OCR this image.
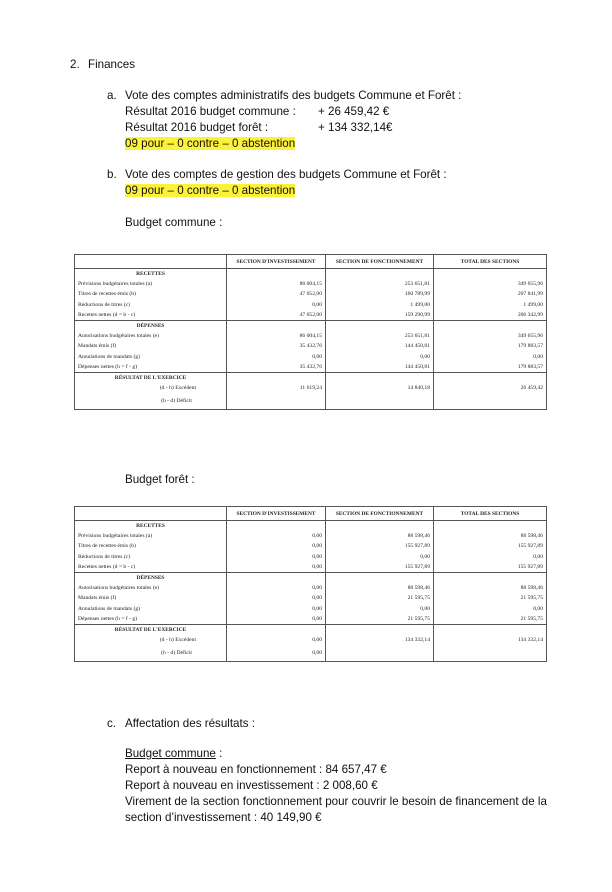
2. Finances
a. Vote des comptes administratifs des budgets Commune et Forêt :
Résultat 2016 budget commune : + 26 459,42 €
Résultat 2016 budget forêt :	+ 134 332,14€
09 pour – 0 contre – 0 abstention
b. Vote des comptes de gestion des budgets Commune et Forêt :
09 pour – 0 contre – 0 abstention
Budget commune :
	SECTION D'INVESTISSEMENT	SECTION DE FONCTIONNEMENT	TOTAL DES SECTIONS
RECETTES			
Prévisions budgétaires totales (a)	86 004,15	253 651,81	349 655,96
Titres de recettes émis (b)	47 052,00	160 789,99	207 841,99
Réductions de titres (c)	0,00	1 499,00	1 499,00
Recettes nettes (d = b - c)	47 052,00	159 290,99	206 342,99
DÉPENSES			
Autorisations budgétaires totales (e)	86 004,15	253 651,81	349 655,96
Mandats émis (f)	35 432,76	144 450,81	179 883,57
Annulations de mandats (g)	0,00	0,00	0,00
Dépenses nettes (h = f - g)	35 432,76	144 450,81	179 883,57
RÉSULTAT DE L'EXERCICE			
(d - h) Excédent	11 619,24	14 840,18	26 459,42
(h - d) Déficit			
Budget forêt :
	SECTION D'INVESTISSEMENT	SECTION DE FONCTIONNEMENT	TOTAL DES SECTIONS
RECETTES			
Prévisions budgétaires totales (a)	0,00	88 598,46	88 598,46
Titres de recettes émis (b)	0,00	155 927,89	155 927,89
Réductions de titres (c)	0,00	0,00	0,00
Recettes nettes (d = b - c)	0,00	155 927,89	155 927,89
DÉPENSES			
Autorisations budgétaires totales (e)	0,00	88 598,46	88 598,46
Mandats émis (f)	0,00	21 595,75	21 595,75
Annulations de mandats (g)	0,00	0,00	0,00
Dépenses nettes (h = f - g)	0,00	21 595,75	21 595,75
RÉSULTAT DE L'EXERCICE			
(d - h) Excédent	0,00	134 332,14	134 332,14
(h - d) Déficit	0,00		
c. Affectation des résultats :
Budget commune :
Report à nouveau en fonctionnement : 84 657,47 €
Report à nouveau en investissement : 2 008,60 €
Virement de la section fonctionnement pour couvrir le besoin de financement de la
section d’investissement : 40 149,90 €
